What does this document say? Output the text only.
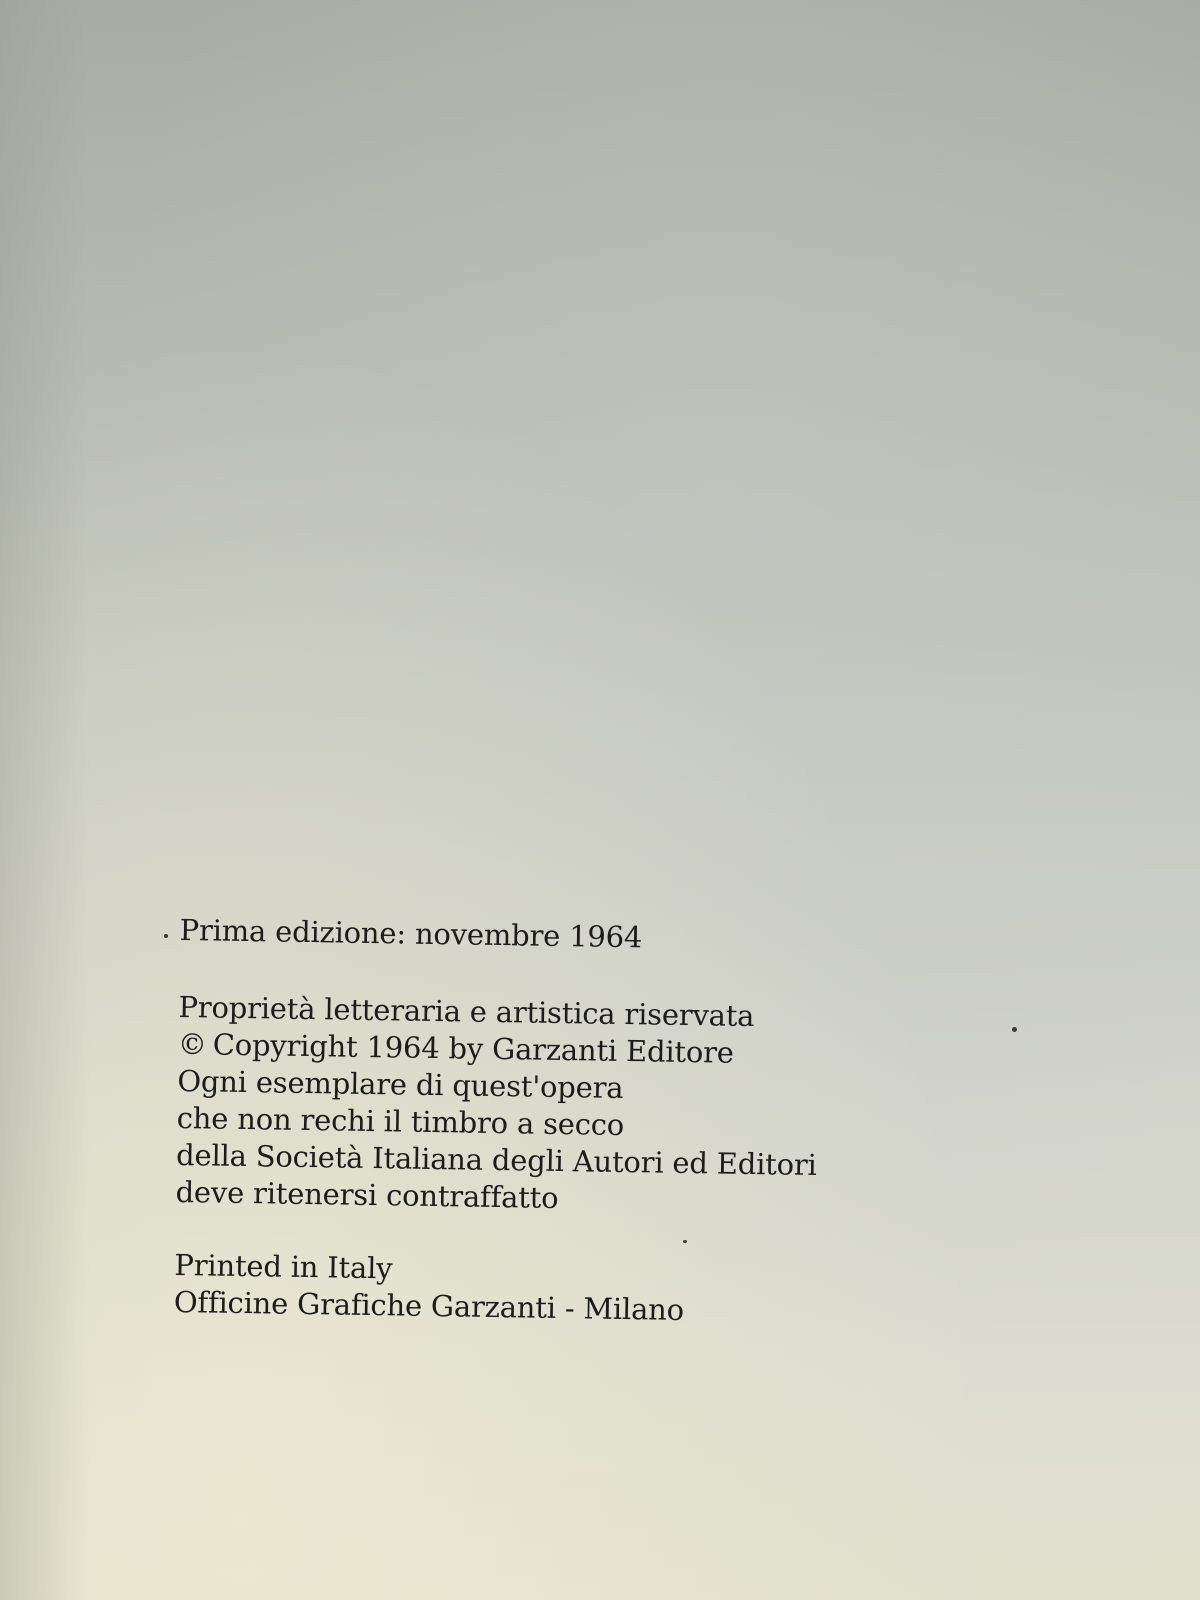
Prima edizione: novembre 1964
Proprietà letteraria e artistica riservata
© Copyright 1964 by Garzanti Editore
Ogni esemplare di quest'opera
che non rechi il timbro a secco
della Società Italiana degli Autori ed Editori
deve ritenersi contraffatto
Printed in Italy
Officine Grafiche Garzanti - Milano
